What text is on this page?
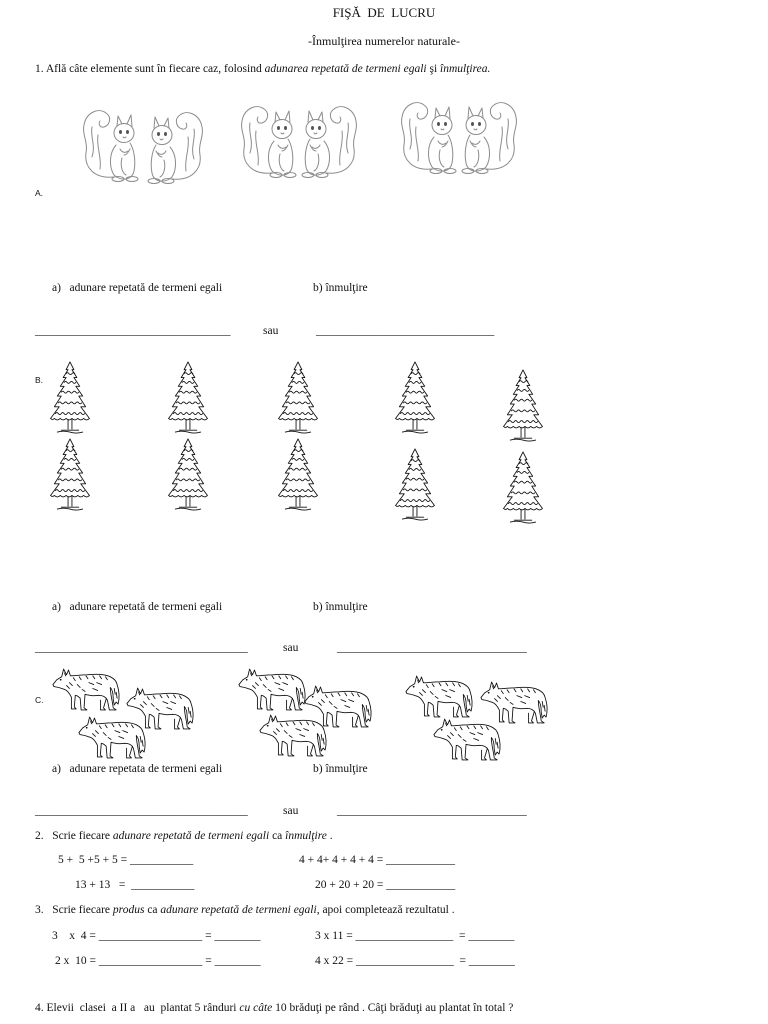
FIŞĂ  DE  LUCRU
-Înmulţirea numerelor naturale-
1. Află câte elemente sunt în fiecare caz, folosind adunarea repetată de termeni egali şi înmulţirea.
A.
a)   adunare repetată de termeni egali	b) înmulţire
__________________________________	sau	_______________________________
B.
a)   adunare repetată de termeni egali	b) înmulţire
_____________________________________	sau	_________________________________
C.
a)   adunare repetata de termeni egali	b) înmulţire
_____________________________________	sau	_________________________________
2.   Scrie fiecare adunare repetată de termeni egali ca înmulţire .
5 +  5 +5 + 5 = ___________	4 + 4+ 4 + 4 + 4 = ____________
13 + 13   =  ___________	20 + 20 + 20 = ____________
3.   Scrie fiecare produs ca adunare repetată de termeni egali, apoi completează rezultatul .
3    x  4 = __________________ = ________	3 x 11 = _________________  = ________
2 x  10 = __________________ = ________	4 x 22 = _________________  = ________
4. Elevii  clasei  a II a   au  plantat 5 rânduri cu câte 10 brăduţi pe rând . Câţi brăduţi au plantat în total ?
